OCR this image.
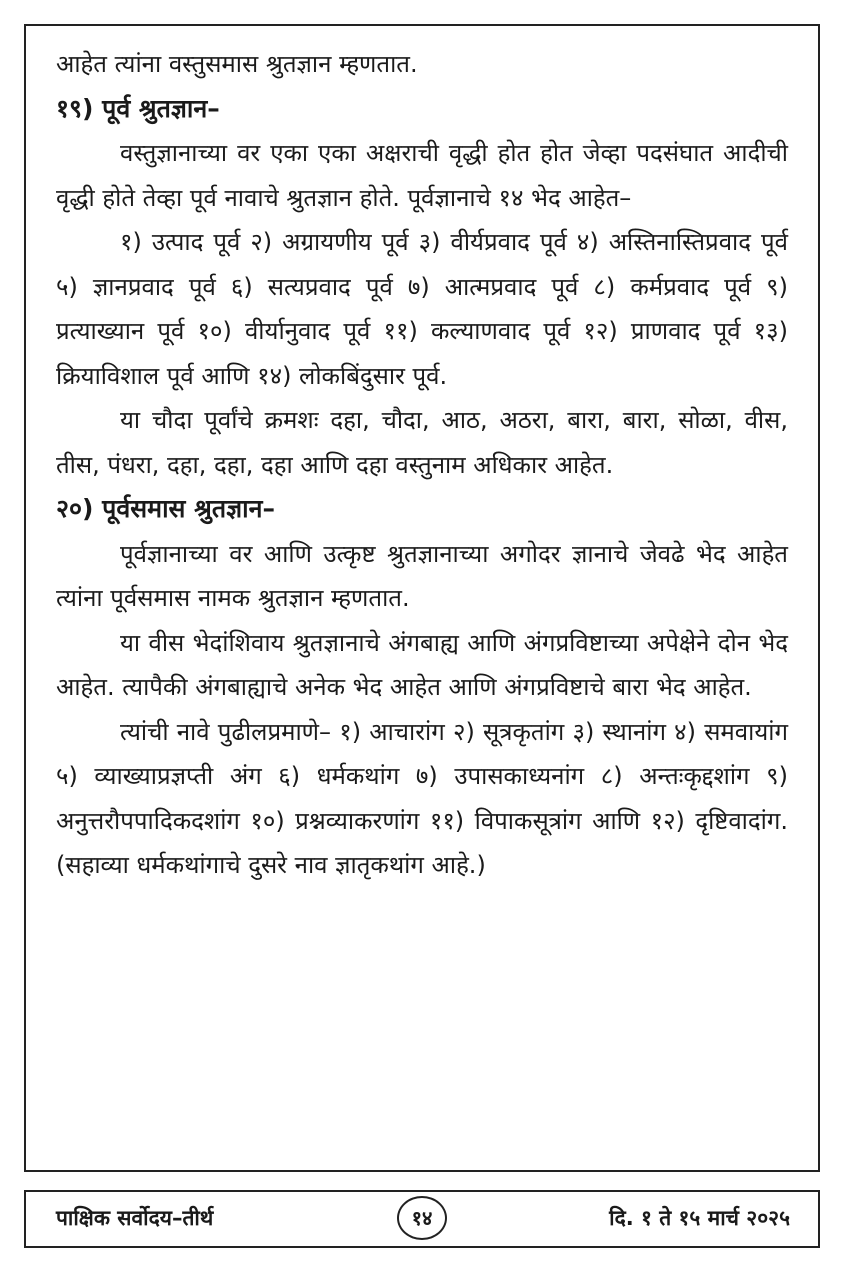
आहेत त्यांना वस्तुसमास श्रुतज्ञान म्हणतात.

१९) पूर्व श्रुतज्ञान–

वस्तुज्ञानाच्या वर एका एका अक्षराची वृद्धी होत होत जेव्हा पदसंघात आदीची वृद्धी होते तेव्हा पूर्व नावाचे श्रुतज्ञान होते. पूर्वज्ञानाचे १४ भेद आहेत–

१) उत्पाद पूर्व २) अग्रायणीय पूर्व ३) वीर्यप्रवाद पूर्व ४) अस्तिनास्तिप्रवाद पूर्व ५) ज्ञानप्रवाद पूर्व ६) सत्यप्रवाद पूर्व ७) आत्मप्रवाद पूर्व ८) कर्मप्रवाद पूर्व ९) प्रत्याख्यान पूर्व १०) वीर्यानुवाद पूर्व ११) कल्याणवाद पूर्व १२) प्राणवाद पूर्व १३) क्रियाविशाल पूर्व आणि १४) लोकबिंदुसार पूर्व.

या चौदा पूर्वांचे क्रमशः दहा, चौदा, आठ, अठरा, बारा, बारा, सोळा, वीस, तीस, पंधरा, दहा, दहा, दहा आणि दहा वस्तुनाम अधिकार आहेत.

२०) पूर्वसमास श्रुतज्ञान–

पूर्वज्ञानाच्या वर आणि उत्कृष्ट श्रुतज्ञानाच्या अगोदर ज्ञानाचे जेवढे भेद आहेत त्यांना पूर्वसमास नामक श्रुतज्ञान म्हणतात.

या वीस भेदांशिवाय श्रुतज्ञानाचे अंगबाह्य आणि अंगप्रविष्टाच्या अपेक्षेने दोन भेद आहेत. त्यापैकी अंगबाह्याचे अनेक भेद आहेत आणि अंगप्रविष्टाचे बारा भेद आहेत.

त्यांची नावे पुढीलप्रमाणे– १) आचारांग २) सूत्रकृतांग ३) स्थानांग ४) समवायांग ५) व्याख्याप्रज्ञप्ती अंग ६) धर्मकथांग ७) उपासकाध्यनांग ८) अन्तःकृद्दशांग ९) अनुत्तरौपपादिकदशांग १०) प्रश्नव्याकरणांग ११) विपाकसूत्रांग आणि १२) दृष्टिवादांग. (सहाव्या धर्मकथांगाचे दुसरे नाव ज्ञातृकथांग आहे.)

पाक्षिक सर्वोदय–तीर्थ	१४	दि. १ ते १५ मार्च २०२५
